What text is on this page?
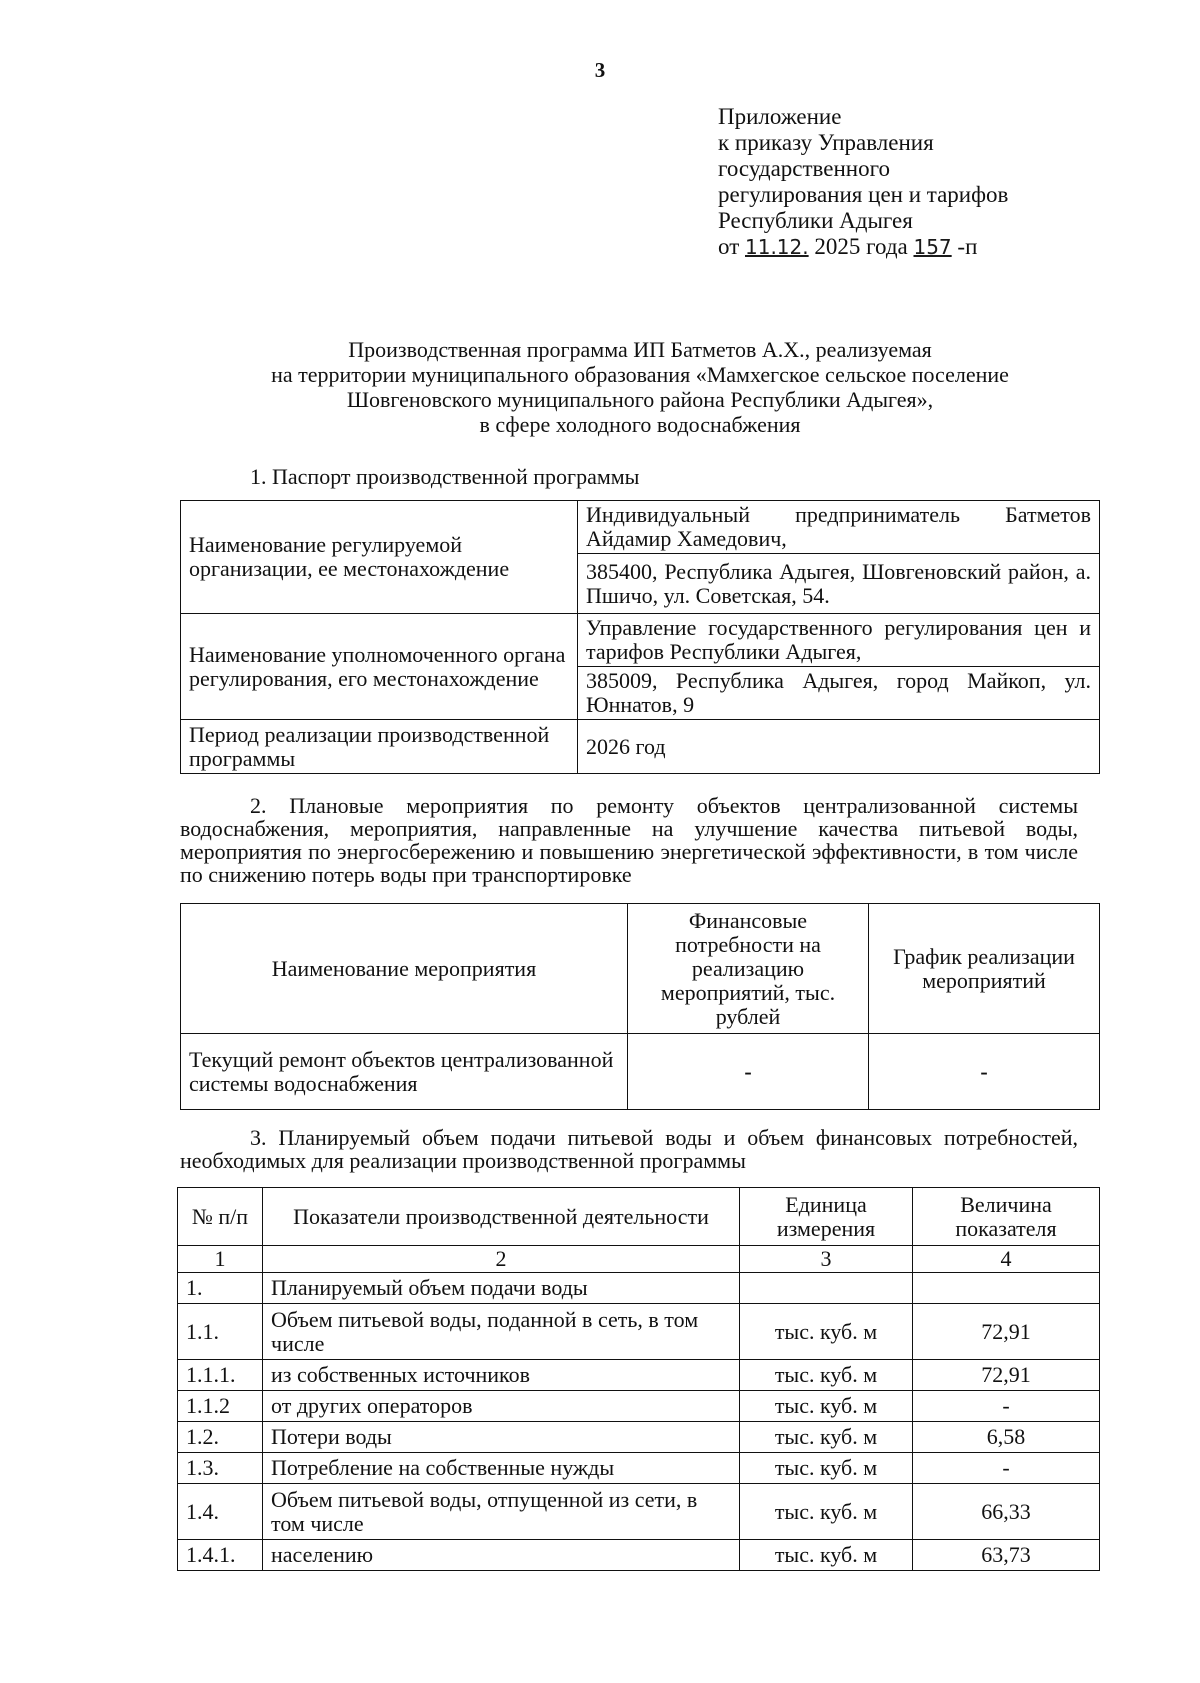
3
Приложение
к приказу Управления
государственного
регулирования цен и тарифов
Республики Адыгея
от 11.12. 2025 года 157 -п
Производственная программа ИП Батметов А.Х., реализуемая
на территории муниципального образования «Мамхегское сельское поселение
Шовгеновского муниципального района Республики Адыгея»,
в сфере холодного водоснабжения
1. Паспорт производственной программы
Наименование регулируемой организации, ее местонахождение	Индивидуальный предприниматель Батметов Айдамир Хамедович,
	385400, Республика Адыгея, Шовгеновский район, а. Пшичо, ул. Советская, 54.
Наименование уполномоченного органа регулирования, его местонахождение	Управление государственного регулирования цен и тарифов Республики Адыгея,
	385009, Республика Адыгея, город Майкоп, ул. Юннатов, 9
Период реализации производственной программы	2026 год
2. Плановые мероприятия по ремонту объектов централизованной системы водоснабжения, мероприятия, направленные на улучшение качества питьевой воды, мероприятия по энергосбережению и повышению энергетической эффективности, в том числе по снижению потерь воды при транспортировке
Наименование мероприятия	Финансовые потребности на реализацию мероприятий, тыс. рублей	График реализации мероприятий
Текущий ремонт объектов централизованной системы водоснабжения	-	-
3. Планируемый объем подачи питьевой воды и объем финансовых потребностей, необходимых для реализации производственной программы
№ п/п	Показатели производственной деятельности	Единица измерения	Величина показателя
1	2	3	4
1.	Планируемый объем подачи воды		
1.1.	Объем питьевой воды, поданной в сеть, в том числе	тыс. куб. м	72,91
1.1.1.	из собственных источников	тыс. куб. м	72,91
1.1.2	от других операторов	тыс. куб. м	-
1.2.	Потери воды	тыс. куб. м	6,58
1.3.	Потребление на собственные нужды	тыс. куб. м	-
1.4.	Объем питьевой воды, отпущенной из сети, в том числе	тыс. куб. м	66,33
1.4.1.	населению	тыс. куб. м	63,73
